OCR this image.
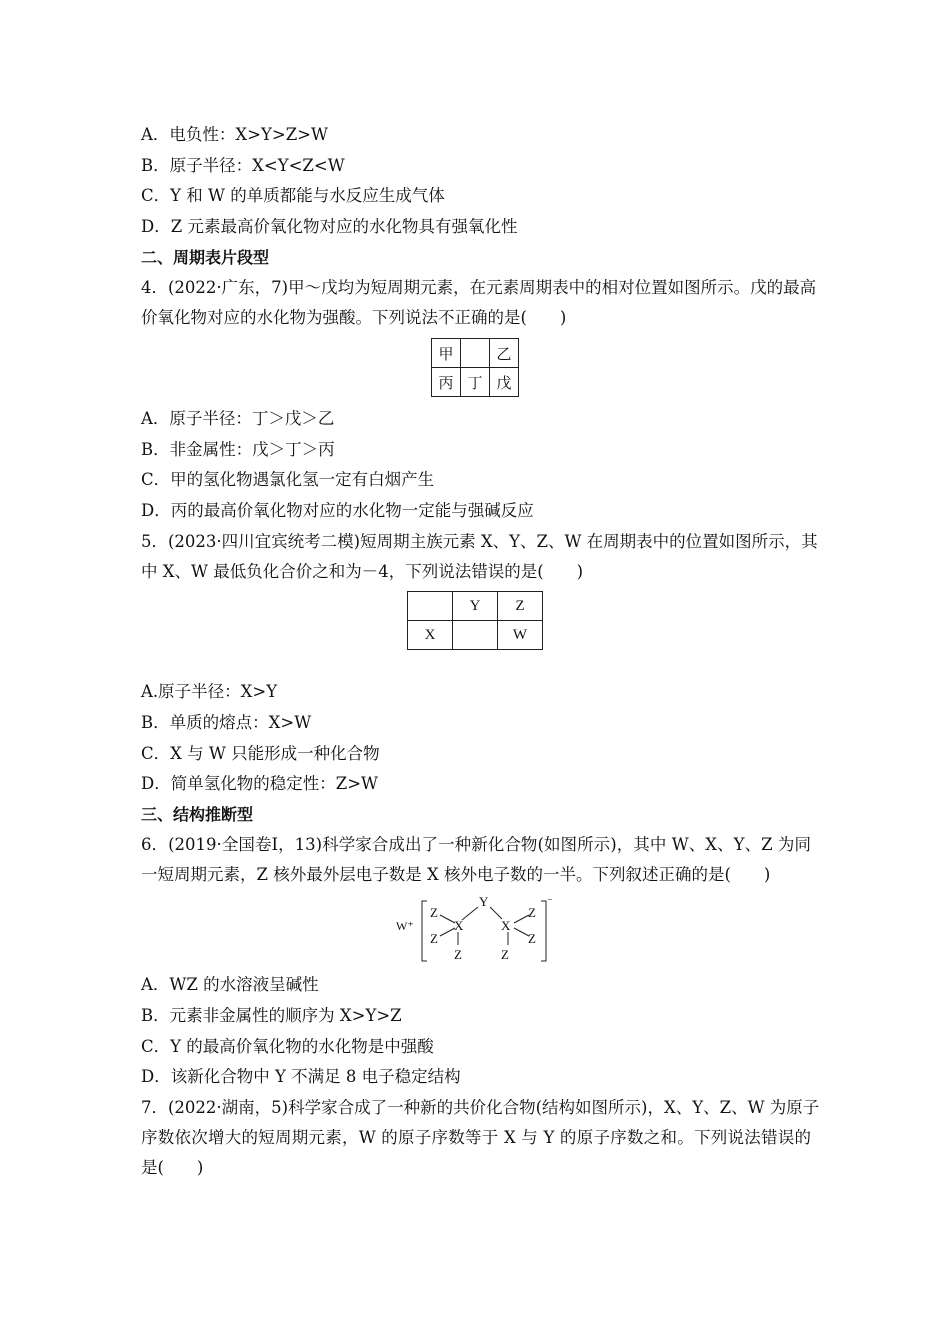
A．电负性：X>Y>Z>W
B．原子半径：X<Y<Z<W
C．Y 和 W 的单质都能与水反应生成气体
D．Z 元素最高价氧化物对应的水化物具有强氧化性
二、周期表片段型
4．(2022·广东，7)甲～戊均为短周期元素，在元素周期表中的相对位置如图所示。戊的最高
价氧化物对应的水化物为强酸。下列说法不正确的是(　　)
甲		乙
丙	丁	戊
A．原子半径：丁＞戊＞乙
B．非金属性：戊＞丁＞丙
C．甲的氢化物遇氯化氢一定有白烟产生
D．丙的最高价氧化物对应的水化物一定能与强碱反应
5．(2023·四川宜宾统考二模)短周期主族元素 X、Y、Z、W 在周期表中的位置如图所示，其
中 X、W 最低负化合价之和为－4，下列说法错误的是(　　)
	Y	Z
X		W
A.原子半径：X>Y
B．单质的熔点：X>W
C．X 与 W 只能形成一种化合物
D．简单氢化物的稳定性：Z>W
三、结构推断型
6．(2019·全国卷Ⅰ，13)科学家合成出了一种新化合物(如图所示)，其中 W、X、Y、Z 为同
一短周期元素，Z 核外最外层电子数是 X 核外电子数的一半。下列叙述正确的是(　　)
W⁺
⁻
Z
Z
X
Y
X
Z
Z
Z	Z
A．WZ 的水溶液呈碱性
B．元素非金属性的顺序为 X>Y>Z
C．Y 的最高价氧化物的水化物是中强酸
D．该新化合物中 Y 不满足 8 电子稳定结构
7．(2022·湖南，5)科学家合成了一种新的共价化合物(结构如图所示)，X、Y、Z、W 为原子
序数依次增大的短周期元素，W 的原子序数等于 X 与 Y 的原子序数之和。下列说法错误的
是(　　)
